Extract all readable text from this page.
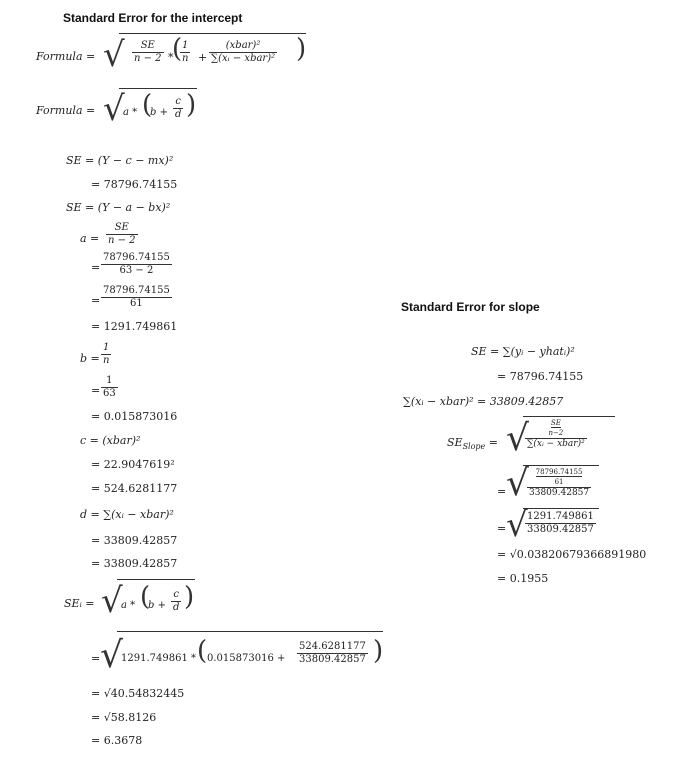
Standard Error for the intercept
Formula = √ $\frac{SE}{n - 2}$ *
(
$\frac{1}{n}$ +
(xbar)²
∑(xᵢ − xbar)² )
Formula = √
a * (
$b + \frac{c}{d}$ )
SE = (Y − c − mx)²
= 78796.74155
SE = (Y − a − bx)²
$a = \frac{SE}{n - 2}$
= $\frac{78796.74155}{63 - 2}$
= $\frac{78796.74155}{61}$
= 1291.749861
$b = \frac{1}{n}$
= $\frac{1}{63}$
= 0.015873016
c = (xbar)²
= 22.9047619²
= 524.6281177
d = ∑(xᵢ − xbar)²
= 33809.42857
= 33809.42857
SEᵢ = √
a * (
$b + \frac{c}{d}$ )
= √
1291.749861 * ( $0.015873016 + \frac{524.6281177}{33809.42857}$ )
= √40.54832445
= √58.8126
= 6.3678
Standard Error for slope
SE = ∑(yᵢ − yhatᵢ)²
= 78796.74155
∑(xᵢ − xbar)² = 33809.42857
$SE_{Slope}$ = √	SE
n−2
∑(xᵢ − xbar)²
= √ 78796.74155
61
33809.42857
= √
$\frac{1291.749861}{33809.42857}$
= √0.03820679366891980
= 0.1955
